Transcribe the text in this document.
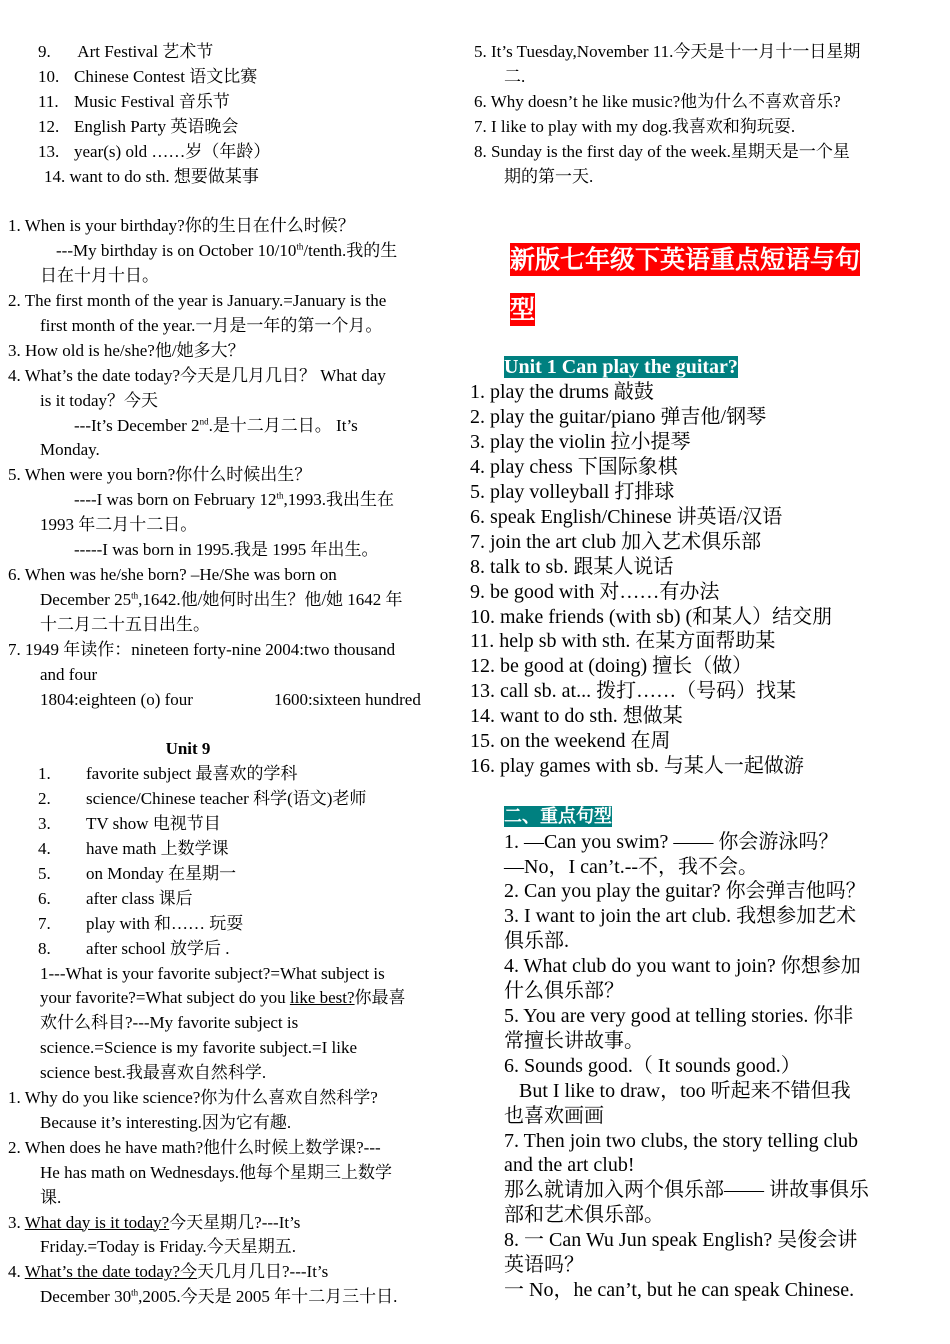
9. Art Festival 艺术节
10. Chinese Contest 语文比赛
11. Music Festival 音乐节
12. English Party 英语晚会
13. year(s) old ……岁（年龄）
14. want to do sth. 想要做某事
1. When is your birthday?你的生日在什么时候？
---My birthday is on October 10/10th/tenth.我的生
日在十月十日。
2. The first month of the year is January.=January is the
first month of the year.一月是一年的第一个月。
3. How old is he/she?他/她多大？
4. What’s the date today?今天是几月几日？ What day
is it today？今天
---It’s December 2nd.是十二月二日。 It’s
Monday.
5. When were you born?你什么时候出生？
----I was born on February 12th,1993.我出生在
1993 年二月十二日。
-----I was born in 1995.我是 1995 年出生。
6. When was he/she born? –He/She was born on
December 25th,1642.他/她何时出生？他/她 1642 年
十二月二十五日出生。
7. 1949 年读作：nineteen forty-nine 2004:two thousand
and four
1804:eighteen (o) four	1600:sixteen hundred
Unit 9
1. favorite subject 最喜欢的学科
2. science/Chinese teacher 科学(语文)老师
3. TV show 电视节目
4. have math 上数学课
5. on Monday 在星期一
6. after class 课后
7. play with 和…… 玩耍
8. after school 放学后 .
1---What is your favorite subject?=What subject is
your favorite?=What subject do you like best?你最喜
欢什么科目?---My favorite subject is
science.=Science is my favorite subject.=I like
science best.我最喜欢自然科学.
1. Why do you like science?你为什么喜欢自然科学?
Because it’s interesting.因为它有趣.
2. When does he have math?他什么时候上数学课?---
He has math on Wednesdays.他每个星期三上数学
课.
3. What day is it today?今天星期几?---It’s
Friday.=Today is Friday.今天星期五.
4. What’s the date today?今天几月几日?---It’s
December 30th,2005.今天是 2005 年十二月三十日.
5. It’s Tuesday,November 11.今天是十一月十一日星期
二.
6. Why doesn’t he like music?他为什么不喜欢音乐?
7. I like to play with my dog.我喜欢和狗玩耍.
8. Sunday is the first day of the week.星期天是一个星
期的第一天.
新版七年级下英语重点短语与句
型
Unit 1 Can play the guitar?
1. play the drums 敲鼓
2. play the guitar/piano 弹吉他/钢琴
3. play the violin 拉小提琴
4. play chess 下国际象棋
5. play volleyball 打排球
6. speak English/Chinese 讲英语/汉语
7. join the art club 加入艺术俱乐部
8. talk to sb. 跟某人说话
9. be good with 对……有办法
10. make friends (with sb) (和某人）结交朋
11. help sb with sth. 在某方面帮助某
12. be good at (doing) 擅长（做）
13. call sb. at... 拨打……（号码）找某
14. want to do sth. 想做某
15. on the weekend 在周
16. play games with sb. 与某人一起做游
二、重点句型
1. —Can you swim? —— 你会游泳吗？
—No，I can’t.--不，我不会。
2. Can you play the guitar? 你会弹吉他吗？
3. I want to join the art club. 我想参加艺术
俱乐部.
4. What club do you want to join? 你想参加
什么俱乐部？
5. You are very good at telling stories. 你非
常擅长讲故事。
6. Sounds good.（ It sounds good.）
But I like to draw，too 听起来不错但我
也喜欢画画
7. Then join two clubs, the story telling club
and the art club!
那么就请加入两个俱乐部—— 讲故事俱乐
部和艺术俱乐部。
8. 一 Can Wu Jun speak English? 吴俊会讲
英语吗？
一 No，he can’t, but he can speak Chinese.
